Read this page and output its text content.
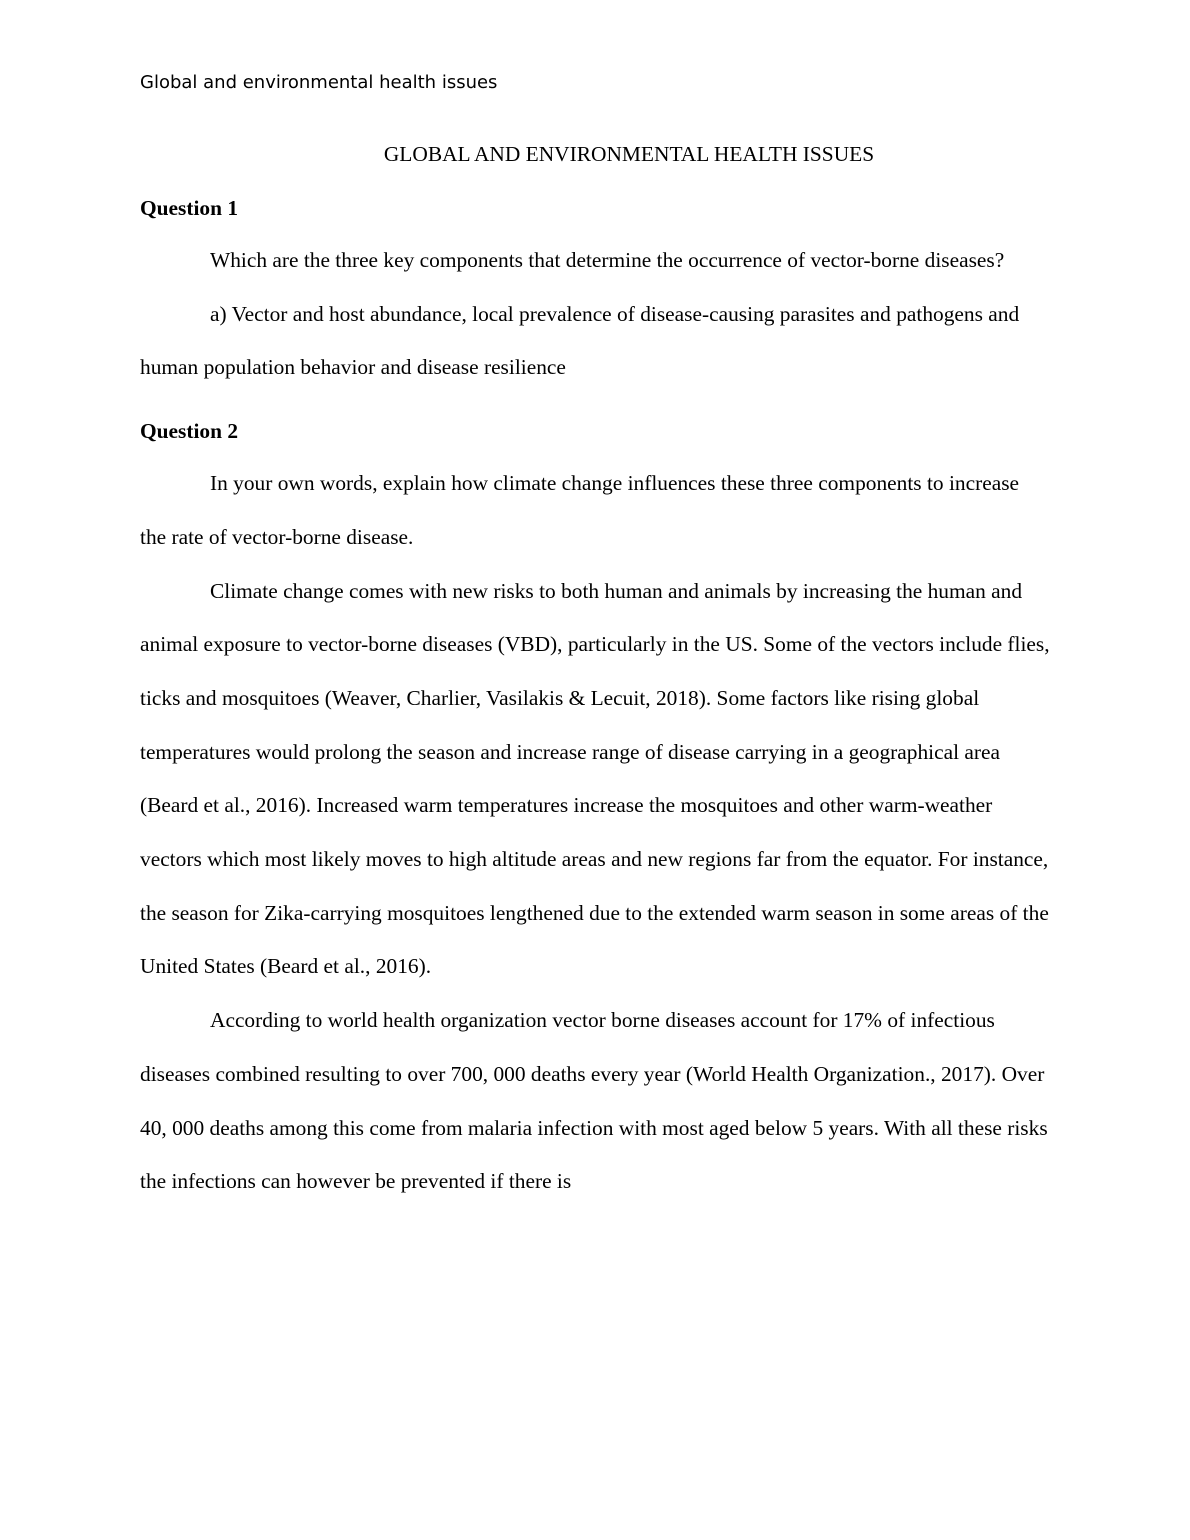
Global and environmental health issues
GLOBAL AND ENVIRONMENTAL HEALTH ISSUES
Question 1

Which are the three key components that determine the occurrence of vector-borne diseases?

a) Vector and host abundance, local prevalence of disease-causing parasites and pathogens and human population behavior and disease resilience

Question 2

In your own words, explain how climate change influences these three components to increase the rate of vector-borne disease.

Climate change comes with new risks to both human and animals by increasing the human and animal exposure to vector-borne diseases (VBD), particularly in the US. Some of the vectors include flies, ticks and mosquitoes (Weaver, Charlier, Vasilakis & Lecuit, 2018). Some factors like rising global temperatures would prolong the season and increase range of disease carrying in a geographical area (Beard et al., 2016). Increased warm temperatures increase the mosquitoes and other warm-weather vectors which most likely moves to high altitude areas and new regions far from the equator. For instance, the season for Zika-carrying mosquitoes lengthened due to the extended warm season in some areas of the United States (Beard et al., 2016).

According to world health organization vector borne diseases account for 17% of infectious diseases combined resulting to over 700, 000 deaths every year (World Health Organization., 2017). Over 40, 000 deaths among this come from malaria infection with most aged below 5 years. With all these risks the infections can however be prevented if there is
